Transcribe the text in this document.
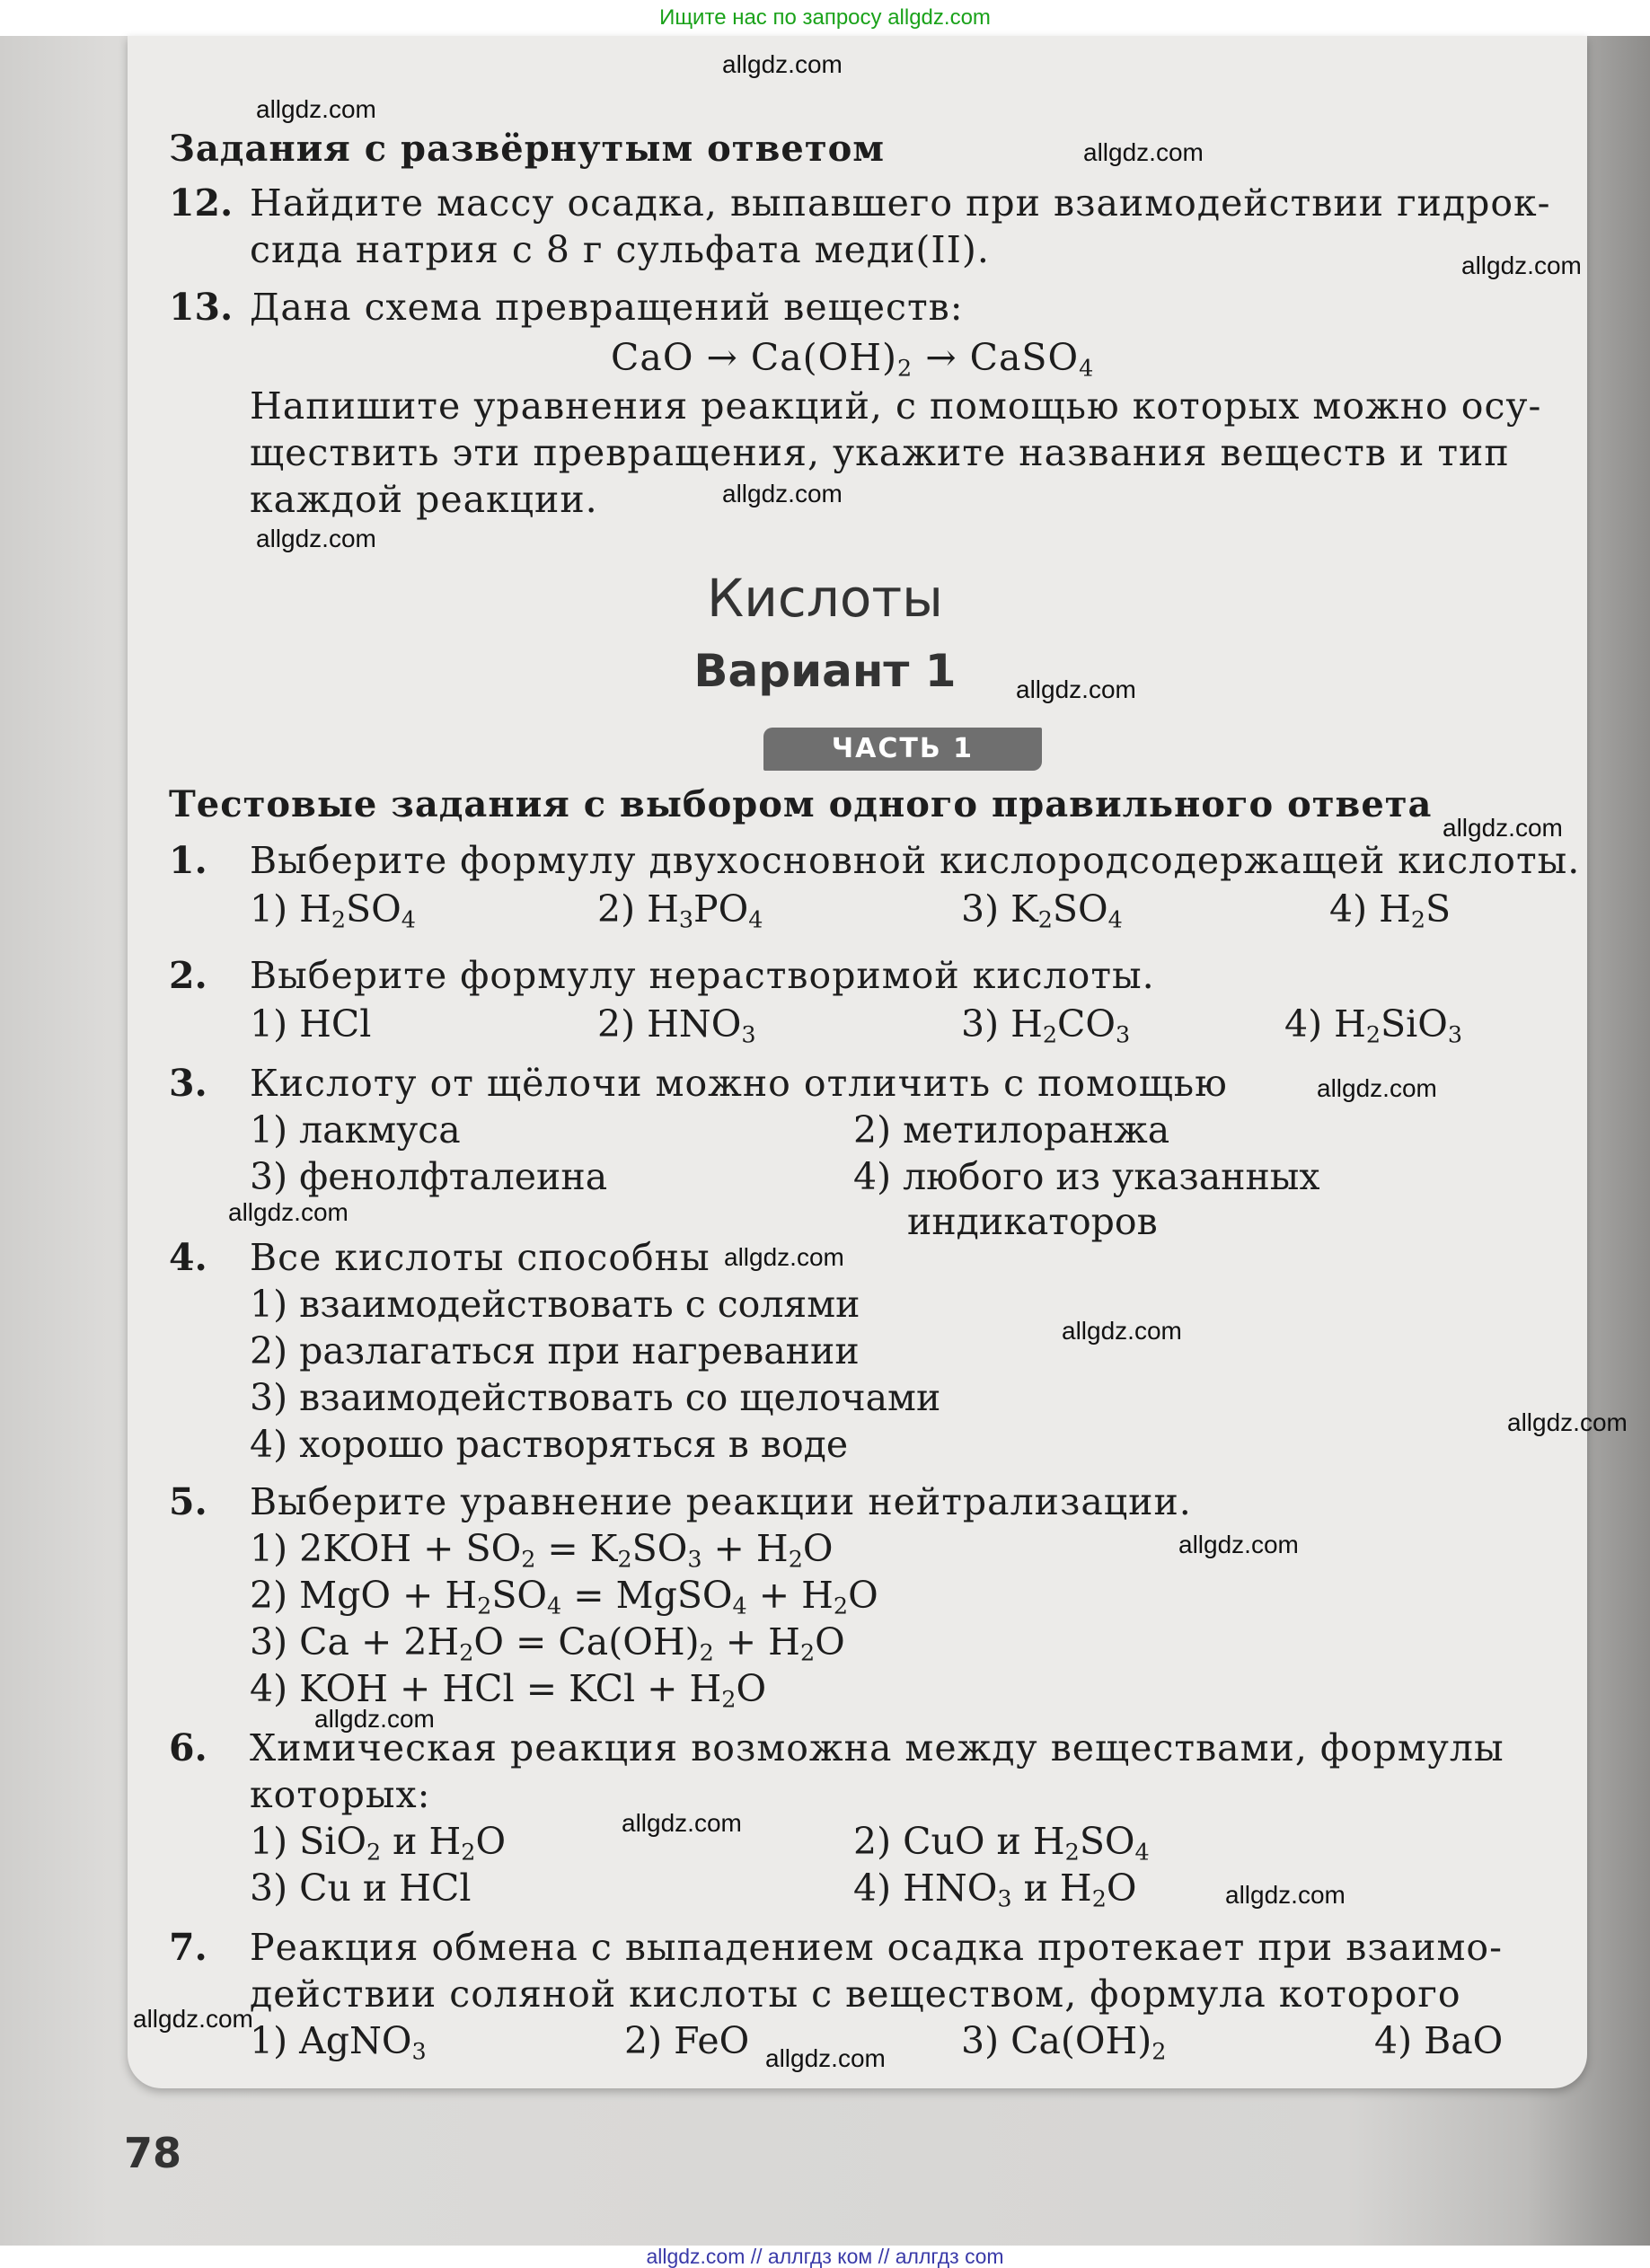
Ищите нас по запросу allgdz.com
Задания с развёрнутым ответом
12. Найдите массу осадка, выпавшего при взаимодействии гидрок-
сида натрия с 8 г сульфата меди(II).
13. Дана схема превращений веществ:
CaO → $Ca(OH)_2$ → CaSO$_4$
Напишите уравнения реакций, с помощью которых можно осу-
ществить эти превращения, укажите названия веществ и тип
каждой реакции.
Кислоты
Вариант 1
ЧАСТЬ 1
Тестовые задания с выбором одного правильного ответа
1. Выберите формулу двухосновной кислородсодержащей кислоты.
1) $H_2SO_4$	2) $H_3PO_4$	3) $K_2SO_4$	4) $H_2S$
2. Выберите формулу нерастворимой кислоты.
1) HCl	2) $HNO_3$	3) $H_2CO_3$	4) $H_2SiO_3$
3. Кислоту от щёлочи можно отличить с помощью
1) лакмуса	2) метилоранжа
3) фенолфталеина	4) любого из указанных
индикаторов
4. Все кислоты способны
1) взаимодействовать с солями
2) разлагаться при нагревании
3) взаимодействовать со щелочами
4) хорошо растворяться в воде
5. Выберите уравнение реакции нейтрализации.
1) $2KOH + SO_2 = K_2SO_3 + H_2O$
2) MgO + $H_2SO_4$ = MgSO$_4$ + $H_2O$
3) $Ca + 2H_2O = Ca(OH)_2 + H_2O$
4) KOH + HCl = KCl + $H_2O$
6. Химическая реакция возможна между веществами, формулы
которых:
1) SiO$_2$ и $H_2O$	2) CuO и $H_2SO_4$
3) Cu и HCl	4) $HNO_3$ и $H_2O$
7. Реакция обмена с выпадением осадка протекает при взаимо-
действии соляной кислоты с веществом, формула которого
1) AgNO$_3$	2) FeO	3) $Ca(OH)_2$	4) BaO
78
allgdz.com
allgdz.com
allgdz.com
allgdz.com
allgdz.com
allgdz.com
allgdz.com
allgdz.com
allgdz.com
allgdz.com
allgdz.com
allgdz.com
allgdz.com
allgdz.com
allgdz.com
allgdz.com
allgdz.com
allgdz.com
allgdz.com
allgdz.com // аллгдз ком // аллгдз com
